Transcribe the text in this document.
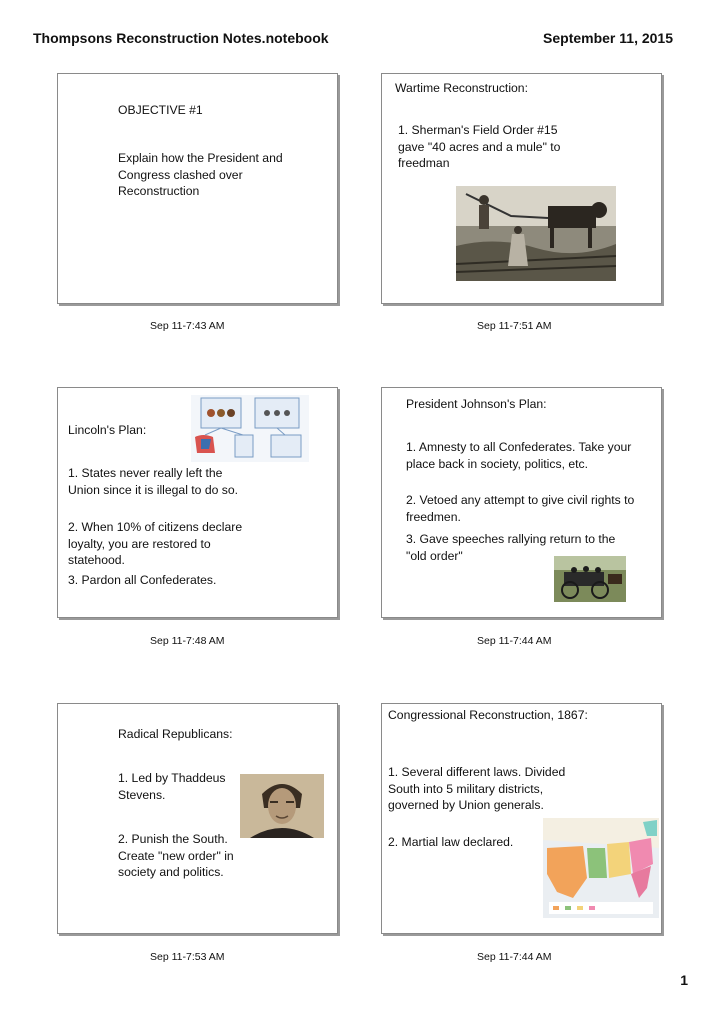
Thompsons Reconstruction Notes.notebook	September 11, 2015
OBJECTIVE #1
Explain how the President and Congress clashed over Reconstruction
Sep 11-7:43 AM
Wartime Reconstruction:
1. Sherman's Field Order #15 gave "40 acres and a mule" to freedman
Sep 11-7:51 AM
Lincoln's Plan:
1. States never really left the Union since it is illegal to do so.
2. When 10% of citizens declare loyalty, you are restored to statehood.
3. Pardon all Confederates.
Sep 11-7:48 AM
President Johnson's Plan:
1. Amnesty to all Confederates. Take your place back in society, politics, etc.
2. Vetoed any attempt to give civil rights to freedmen.
3. Gave speeches rallying return to the "old order"
Sep 11-7:44 AM
Radical Republicans:
1. Led by Thaddeus Stevens.
2. Punish the South. Create "new order" in society and politics.
Sep 11-7:53 AM
Congressional Reconstruction, 1867:
1. Several different laws. Divided South into 5 military districts, governed by Union generals.
2. Martial law declared.
Sep 11-7:44 AM
1
